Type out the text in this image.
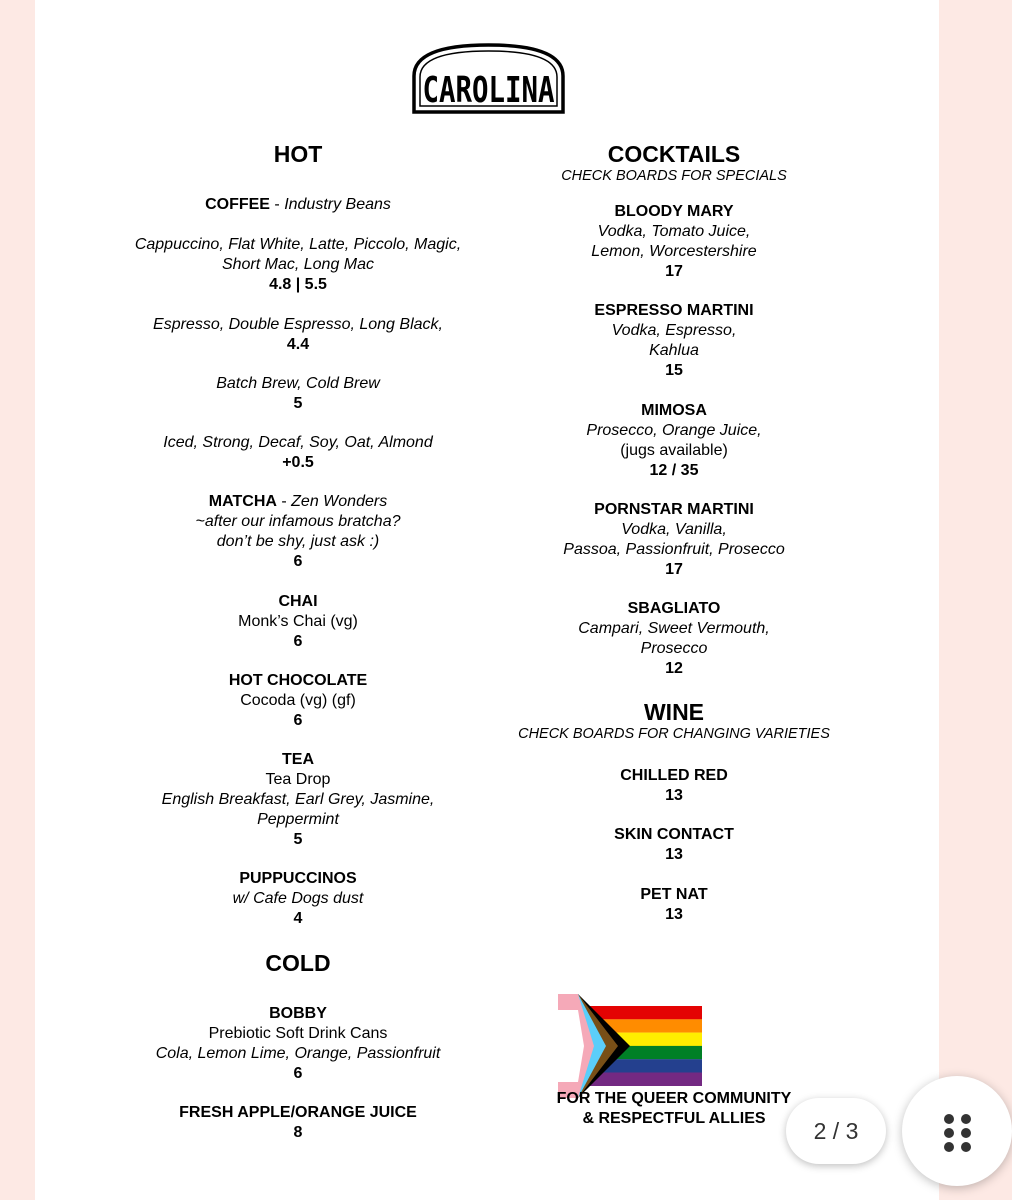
CAROLINA
HOT
COFFEE - Industry Beans
Cappuccino, Flat White, Latte, Piccolo, Magic,
Short Mac, Long Mac
4.8 | 5.5
Espresso, Double Espresso, Long Black,
4.4
Batch Brew, Cold Brew
5
Iced, Strong, Decaf, Soy, Oat, Almond
+0.5
MATCHA - Zen Wonders
~after our infamous bratcha?
don’t be shy, just ask :)
6
CHAI
Monk’s Chai (vg)
6
HOT CHOCOLATE
Cocoda (vg) (gf)
6
TEA
Tea Drop
English Breakfast, Earl Grey, Jasmine,
Peppermint
5
PUPPUCCINOS
w/ Cafe Dogs dust
4
COLD
BOBBY
Prebiotic Soft Drink Cans
Cola, Lemon Lime, Orange, Passionfruit
6
FRESH APPLE/ORANGE JUICE
8
COCKTAILS
CHECK BOARDS FOR SPECIALS
BLOODY MARY
Vodka, Tomato Juice,
Lemon, Worcestershire
17
ESPRESSO MARTINI
Vodka, Espresso,
Kahlua
15
MIMOSA
Prosecco, Orange Juice,
(jugs available)
12 / 35
PORNSTAR MARTINI
Vodka, Vanilla,
Passoa, Passionfruit, Prosecco
17
SBAGLIATO
Campari, Sweet Vermouth,
Prosecco
12
WINE
CHECK BOARDS FOR CHANGING VARIETIES
CHILLED RED
13
SKIN CONTACT
13
PET NAT
13
FOR THE QUEER COMMUNITY
& RESPECTFUL ALLIES	2 / 3
